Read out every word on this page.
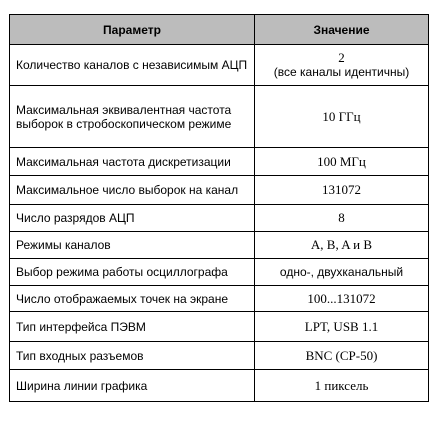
Параметр	Значение
Количество каналов с независимым АЦП	2
(все каналы идентичны)

Максимальная эквивалентная частота выборок в стробоскопическом режиме	10 ГГц
Максимальная частота дискретизации	100 МГц
Максимальное число выборок на канал	131072
Число разрядов АЦП	8
Режимы каналов	A, B, A и B
Выбор режима работы осциллографа	одно-, двухканальный
Число отображаемых точек на экране	100...131072
Тип интерфейса ПЭВМ	LPT, USB 1.1
Тип входных разъемов	BNC (CP-50)
Ширина линии графика	1 пиксель
